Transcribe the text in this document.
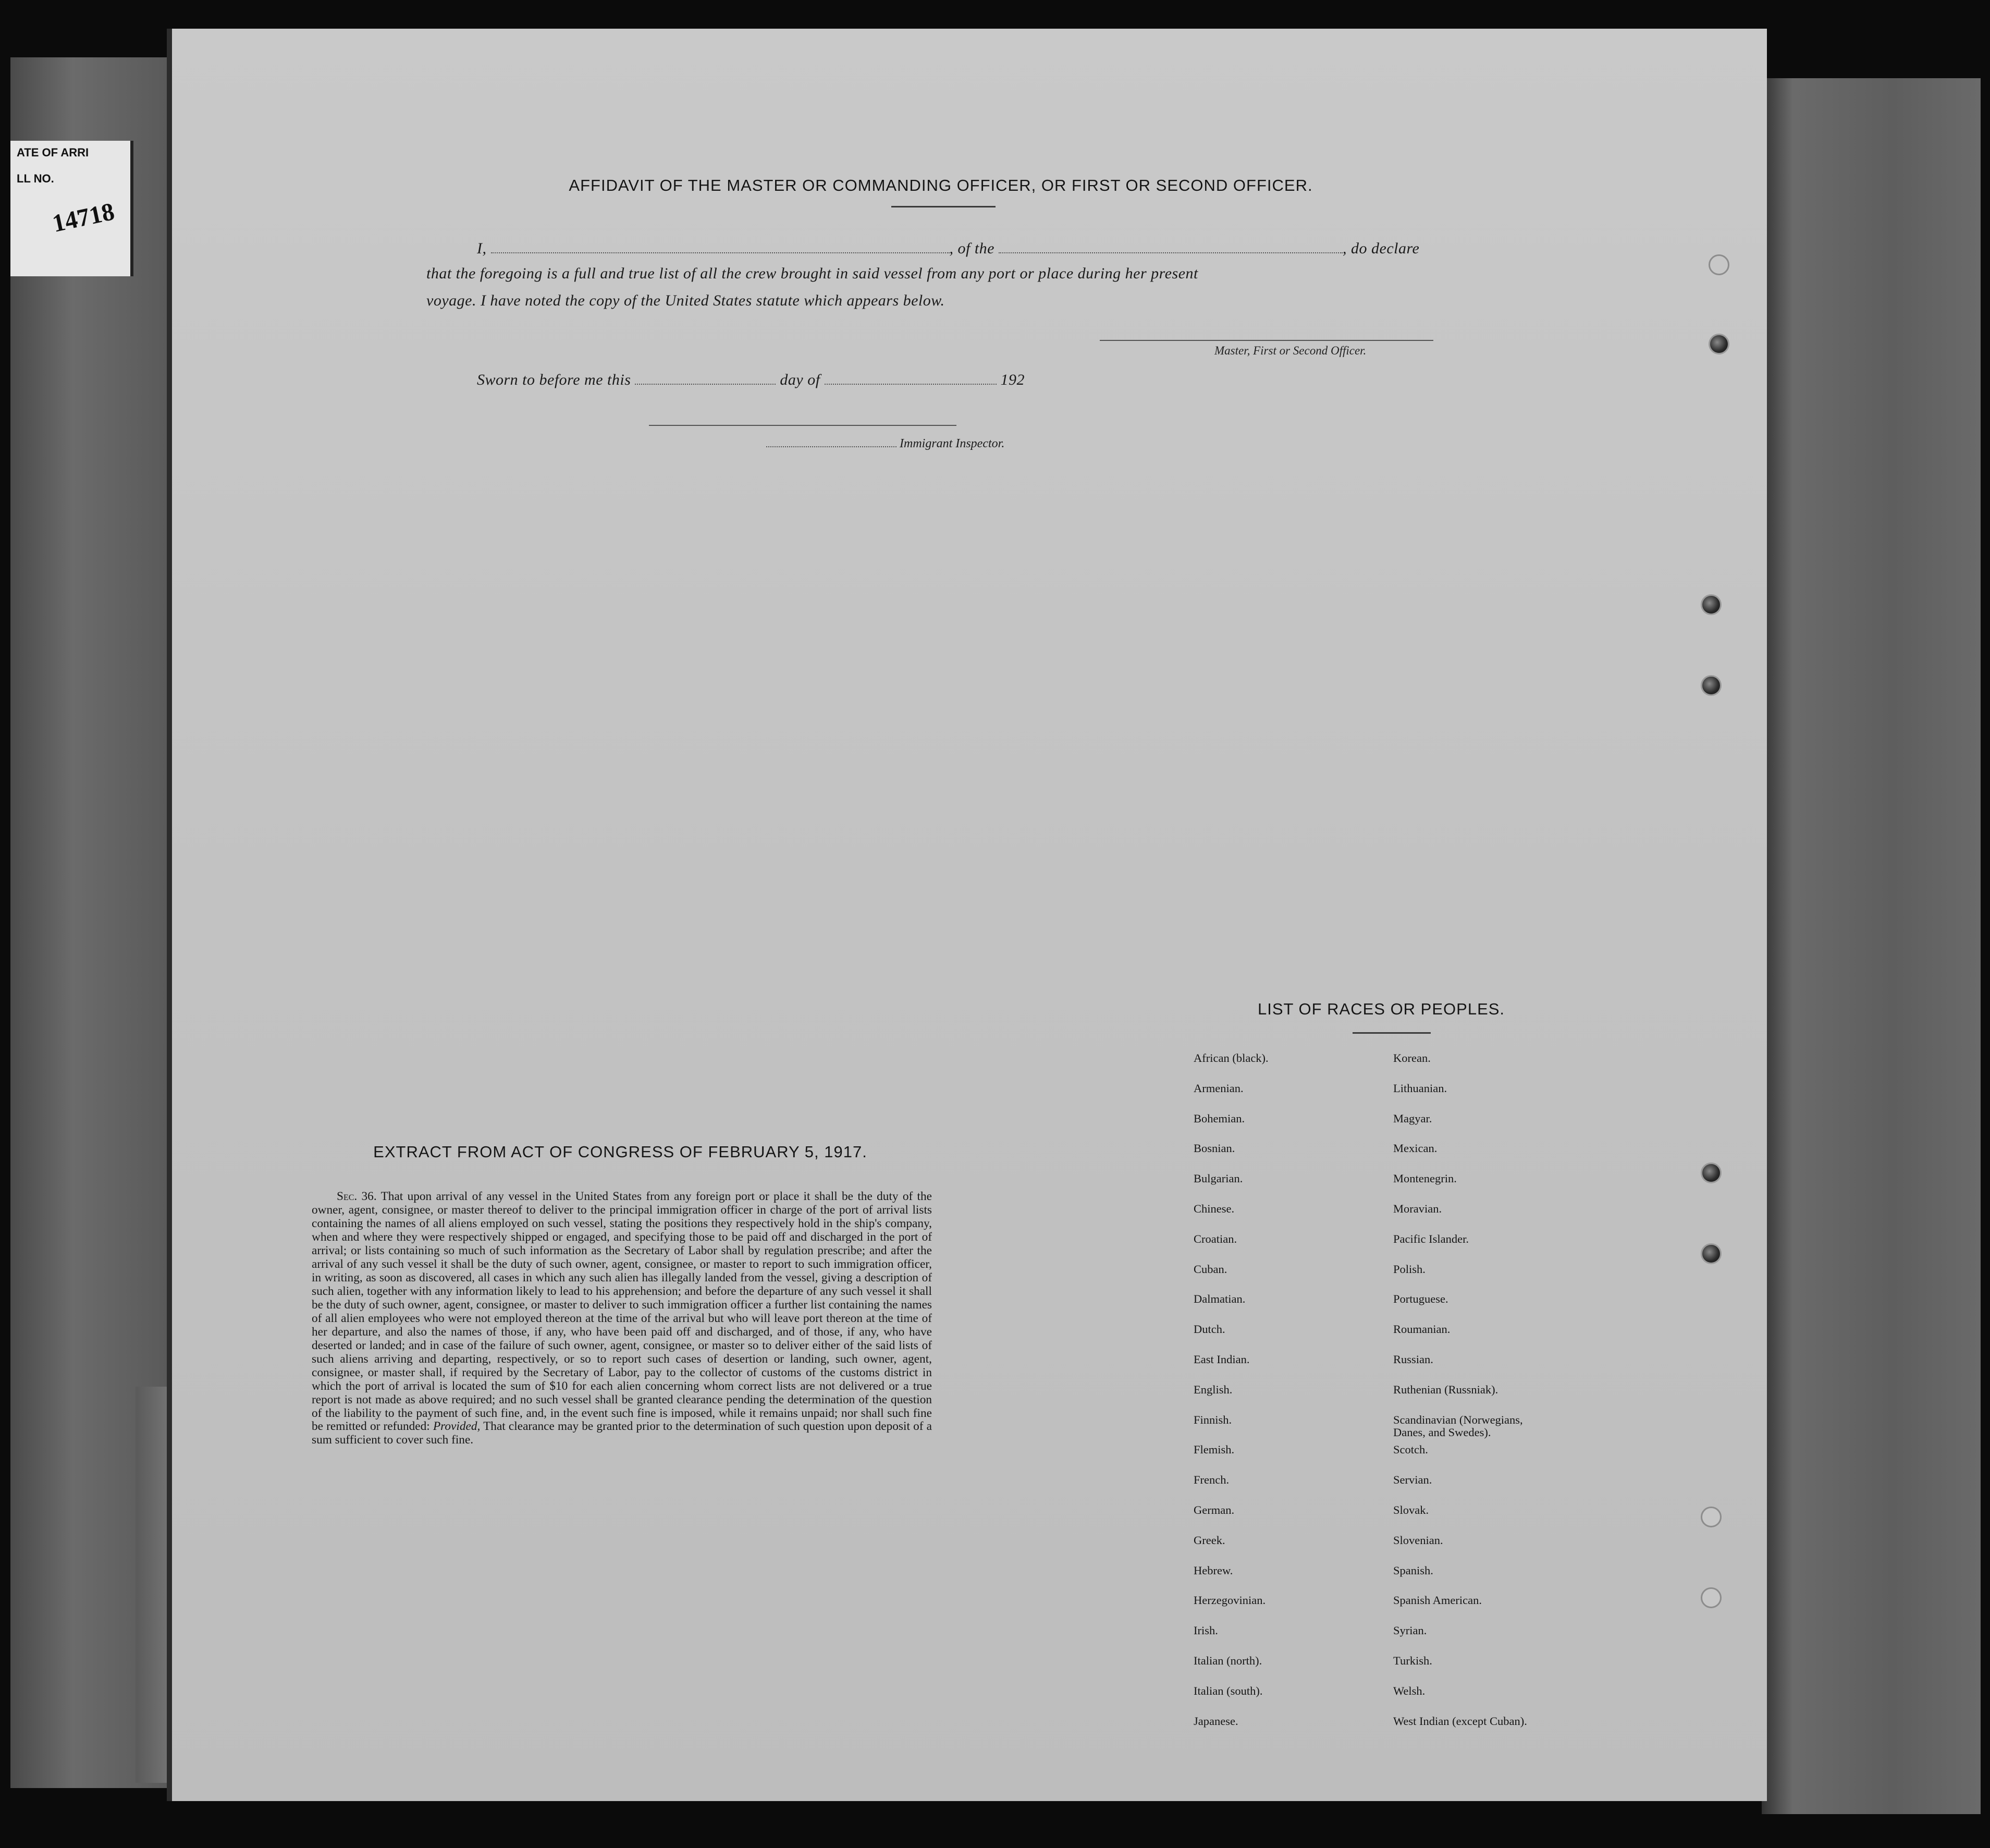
ATE OF ARRI
LL NO.
14718
AFFIDAVIT OF THE MASTER OR COMMANDING OFFICER, OR FIRST OR SECOND OFFICER.
I,	, of the	, do declare
that the foregoing is a full and true list of all the crew brought in said vessel from any port or place during her present
voyage. I have noted the copy of the United States statute which appears below.
Master, First or Second Officer.
Sworn to before me this	day of	192
Immigrant Inspector.
EXTRACT FROM ACT OF CONGRESS OF FEBRUARY 5, 1917.
Sec. 36. That upon arrival of any vessel in the United States from any foreign port or place it shall be the duty of the owner, agent, consignee, or master thereof to deliver to the principal immigration officer in charge of the port of arrival lists containing the names of all aliens employed on such vessel, stating the positions they respectively hold in the ship's company, when and where they were respectively shipped or engaged, and specifying those to be paid off and discharged in the port of arrival; or lists containing so much of such information as the Secretary of Labor shall by regulation prescribe; and after the arrival of any such vessel it shall be the duty of such owner, agent, consignee, or master to report to such immigration officer, in writing, as soon as discovered, all cases in which any such alien has illegally landed from the vessel, giving a description of such alien, together with any information likely to lead to his apprehension; and before the departure of any such vessel it shall be the duty of such owner, agent, consignee, or master to deliver to such immigration officer a further list containing the names of all alien employees who were not employed thereon at the time of the arrival but who will leave port thereon at the time of her departure, and also the names of those, if any, who have been paid off and discharged, and of those, if any, who have deserted or landed; and in case of the failure of such owner, agent, consignee, or master so to deliver either of the said lists of such aliens arriving and departing, respectively, or so to report such cases of desertion or landing, such owner, agent, consignee, or master shall, if required by the Secretary of Labor, pay to the collector of customs of the customs district in which the port of arrival is located the sum of $10 for each alien concerning whom correct lists are not delivered or a true report is not made as above required; and no such vessel shall be granted clearance pending the determination of the question of the liability to the payment of such fine, and, in the event such fine is imposed, while it remains unpaid; nor shall such fine be remitted or refunded: Provided, That clearance may be granted prior to the determination of such question upon deposit of a sum sufficient to cover such fine.
LIST OF RACES OR PEOPLES.
African (black).
Armenian.
Bohemian.
Bosnian.
Bulgarian.
Chinese.
Croatian.
Cuban.
Dalmatian.
Dutch.
East Indian.
English.
Finnish.
Flemish.
French.
German.
Greek.
Hebrew.
Herzegovinian.
Irish.
Italian (north).
Italian (south).
Japanese.
Korean.
Lithuanian.
Magyar.
Mexican.
Montenegrin.
Moravian.
Pacific Islander.
Polish.
Portuguese.
Roumanian.
Russian.
Ruthenian (Russniak).
Scandinavian (Norwegians,
Danes, and Swedes).
Scotch.
Servian.
Slovak.
Slovenian.
Spanish.
Spanish American.
Syrian.
Turkish.
Welsh.
West Indian (except Cuban).
